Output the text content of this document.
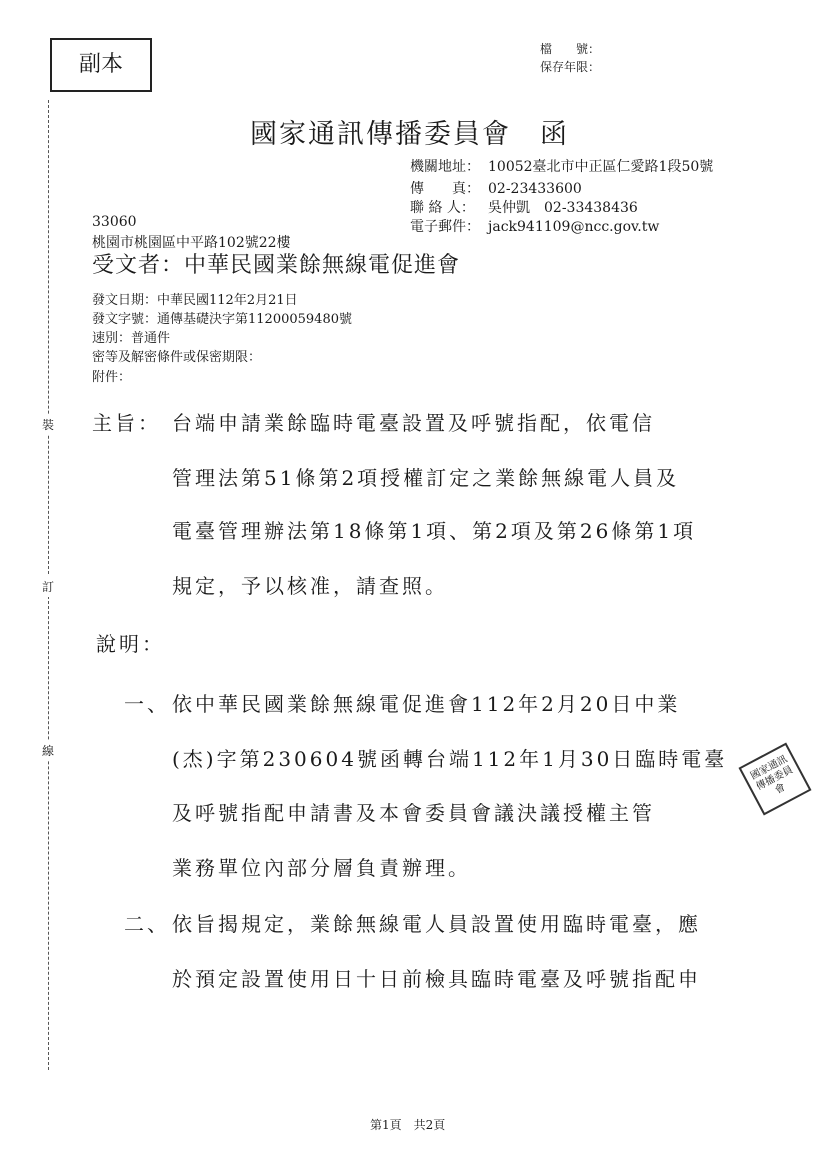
裝
訂
線
副本
檔　　號：
保存年限：
國家通訊傳播委員會　函
機關地址： 10052臺北市中正區仁愛路1段50號
傳　　真： 02-23433600
聯 絡 人： 吳仲凱　02-33438436
電子郵件： jack941109@ncc.gov.tw
33060
桃園市桃園區中平路102號22樓
受文者：中華民國業餘無線電促進會
發文日期：中華民國112年2月21日
發文字號：通傳基礎決字第11200059480號
速別：普通件
密等及解密條件或保密期限：
附件：
主旨： 台端申請業餘臨時電臺設置及呼號指配，依電信
管理法第51條第2項授權訂定之業餘無線電人員及
電臺管理辦法第18條第1項、第2項及第26條第1項
規定，予以核准，請查照。
說明：
一、 依中華民國業餘無線電促進會112年2月20日中業
(杰)字第230604號函轉台端112年1月30日臨時電臺
及呼號指配申請書及本會委員會議決議授權主管
業務單位內部分層負責辦理。
二、 依旨揭規定，業餘無線電人員設置使用臨時電臺，應
於預定設置使用日十日前檢具臨時電臺及呼號指配申
國家通訊傳播委員會
第1頁　共2頁
